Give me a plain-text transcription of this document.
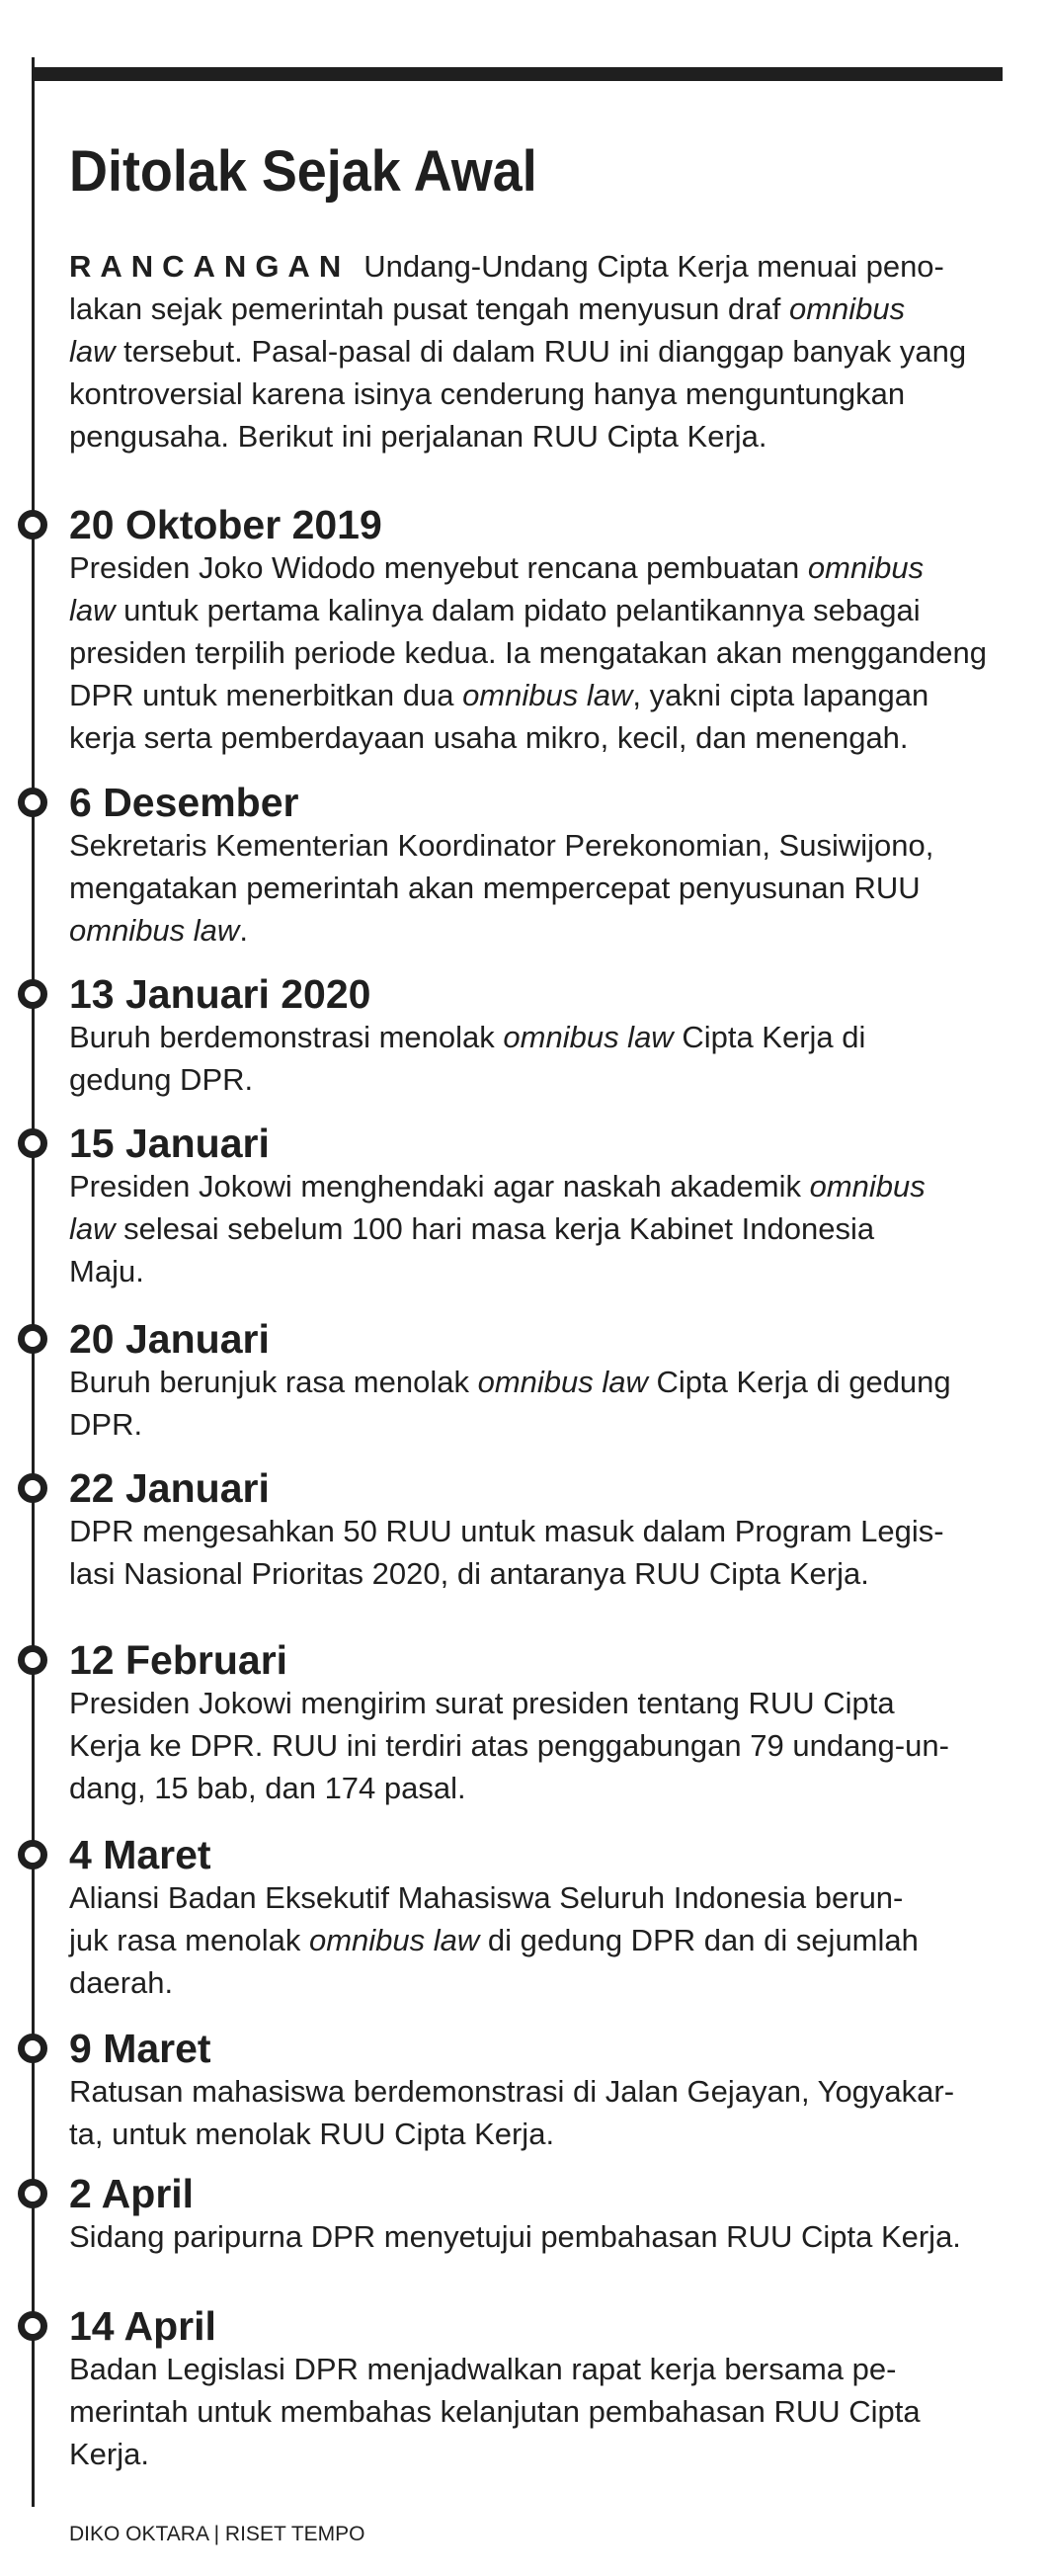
Ditolak Sejak Awal
RANCANGAN Undang-Undang Cipta Kerja menuai peno-
lakan sejak pemerintah pusat tengah menyusun draf omnibus
law tersebut. Pasal-pasal di dalam RUU ini dianggap banyak yang
kontroversial karena isinya cenderung hanya menguntungkan
pengusaha. Berikut ini perjalanan RUU Cipta Kerja.
20 Oktober 2019
Presiden Joko Widodo menyebut rencana pembuatan omnibus
law untuk pertama kalinya dalam pidato pelantikannya sebagai
presiden terpilih periode kedua. Ia mengatakan akan menggandeng
DPR untuk menerbitkan dua omnibus law, yakni cipta lapangan
kerja serta pemberdayaan usaha mikro, kecil, dan menengah.
6 Desember
Sekretaris Kementerian Koordinator Perekonomian, Susiwijono,
mengatakan pemerintah akan mempercepat penyusunan RUU
omnibus law.
13 Januari 2020
Buruh berdemonstrasi menolak omnibus law Cipta Kerja di
gedung DPR.
15 Januari
Presiden Jokowi menghendaki agar naskah akademik omnibus
law selesai sebelum 100 hari masa kerja Kabinet Indonesia
Maju.
20 Januari
Buruh berunjuk rasa menolak omnibus law Cipta Kerja di gedung
DPR.
22 Januari
DPR mengesahkan 50 RUU untuk masuk dalam Program Legis-
lasi Nasional Prioritas 2020, di antaranya RUU Cipta Kerja.
12 Februari
Presiden Jokowi mengirim surat presiden tentang RUU Cipta
Kerja ke DPR. RUU ini terdiri atas penggabungan 79 undang-un-
dang, 15 bab, dan 174 pasal.
4 Maret
Aliansi Badan Eksekutif Mahasiswa Seluruh Indonesia berun-
juk rasa menolak omnibus law di gedung DPR dan di sejumlah
daerah.
9 Maret
Ratusan mahasiswa berdemonstrasi di Jalan Gejayan, Yogyakar-
ta, untuk menolak RUU Cipta Kerja.
2 April
Sidang paripurna DPR menyetujui pembahasan RUU Cipta Kerja.
14 April
Badan Legislasi DPR menjadwalkan rapat kerja bersama pe-
merintah untuk membahas kelanjutan pembahasan RUU Cipta
Kerja.
DIKO OKTARA | RISET TEMPO
